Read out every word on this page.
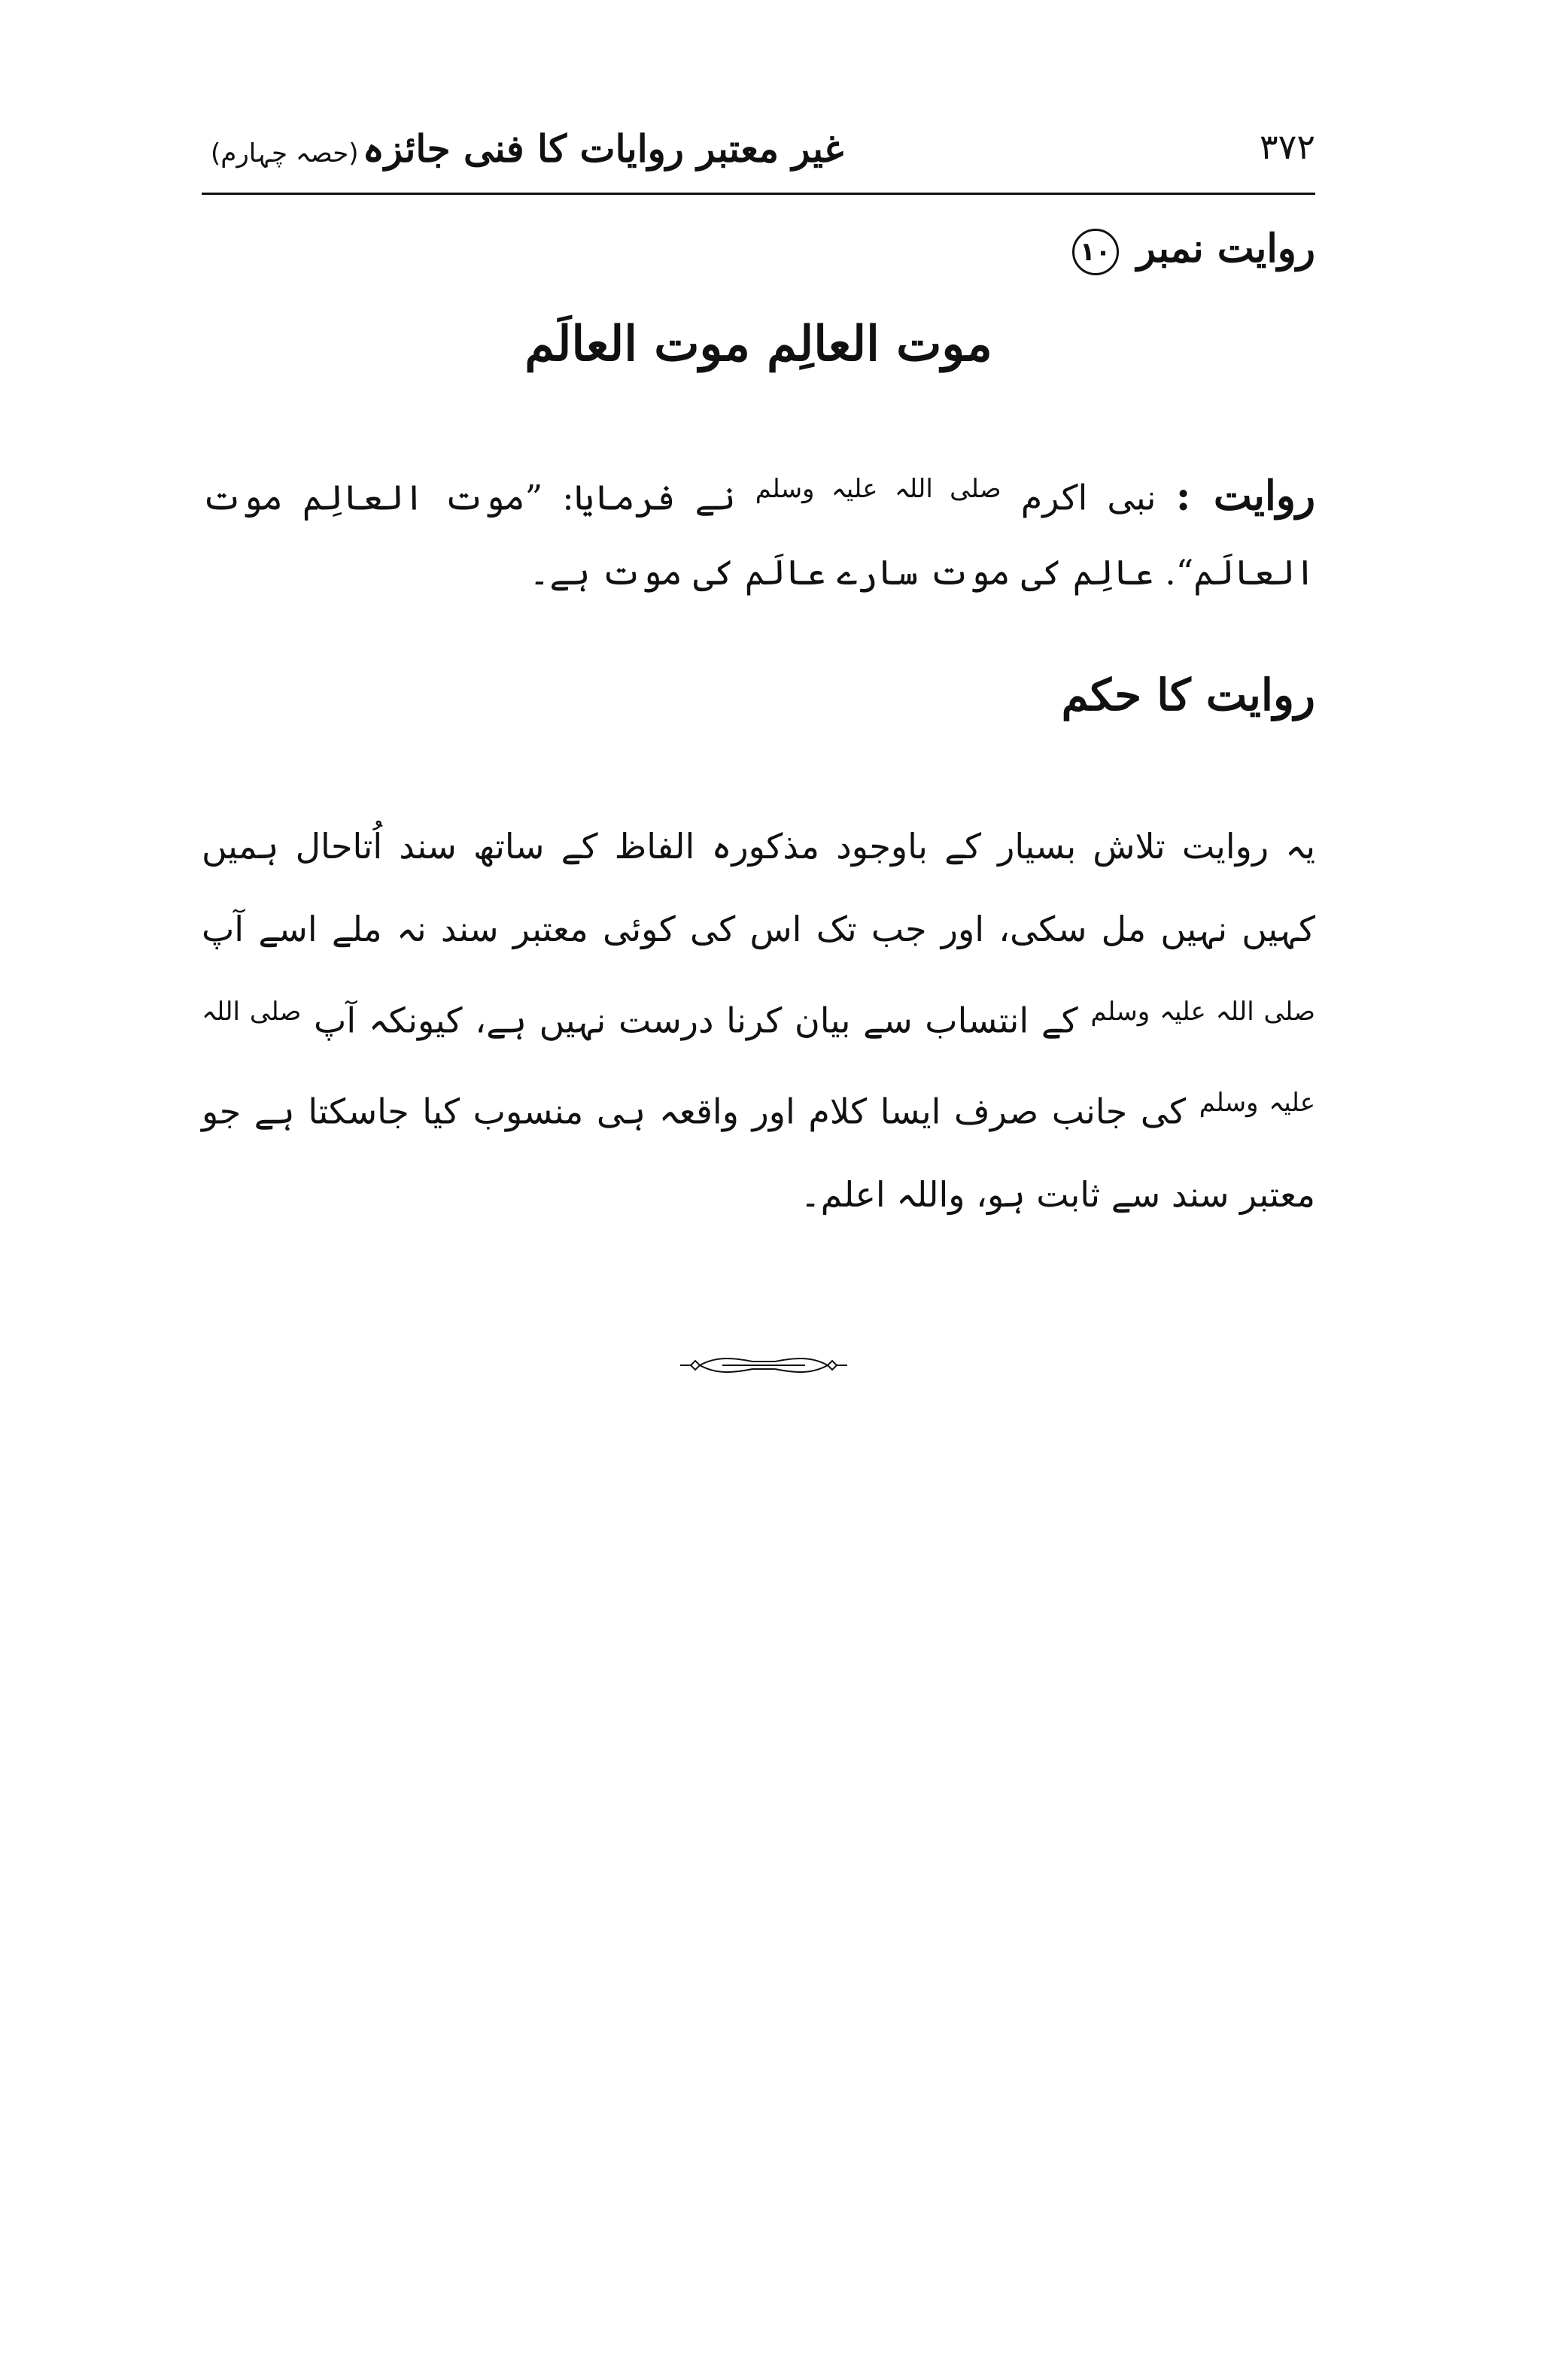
۳۷۲
غیر معتبر روایات کا فنی جائزہ (حصہ چہارم)
روایت نمبر ۱۰
موت العالِم موت العالَم
روایت : نبی اکرم $^{صلی اللہ علیہ وسلم}$ نے فرمایا: ”موت العالِم موت العالَم“. عالِم کی موت سارے عالَم کی موت ہے۔
روایت کا حکم
یہ روایت تلاش بسیار کے باوجود مذکورہ الفاظ کے ساتھ سند اُتاحال ہمیں کہیں نہیں مل سکی، اور جب تک اس کی کوئی معتبر سند نہ ملے اسے آپ $^{صلی اللہ علیہ وسلم}$ کے انتساب سے بیان کرنا درست نہیں ہے، کیونکہ آپ $^{صلی اللہ علیہ وسلم}$ کی جانب صرف ایسا کلام اور واقعہ ہی منسوب کیا جاسکتا ہے جو معتبر سند سے ثابت ہو، واللہ اعلم۔
